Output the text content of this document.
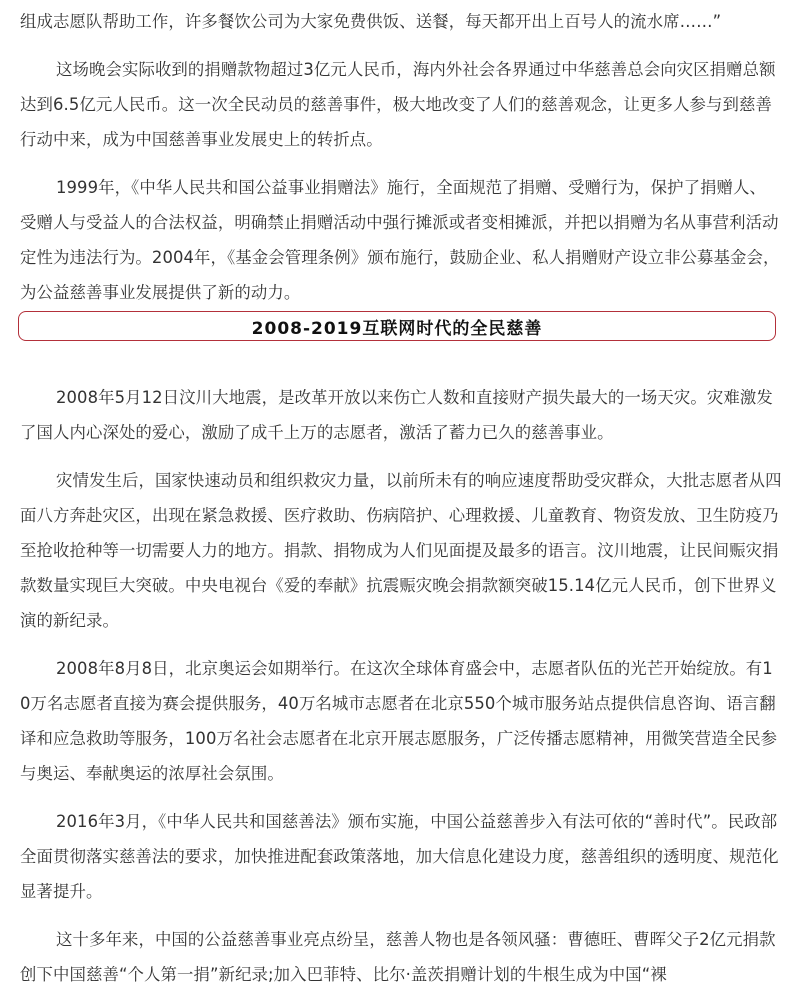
组成志愿队帮助工作，许多餐饮公司为大家免费供饭、送餐，每天都开出上百号人的流水席……”

这场晚会实际收到的捐赠款物超过3亿元人民币，海内外社会各界通过中华慈善总会向灾区捐赠总额达到6.5亿元人民币。这一次全民动员的慈善事件，极大地改变了人们的慈善观念，让更多人参与到慈善行动中来，成为中国慈善事业发展史上的转折点。

1999年，《中华人民共和国公益事业捐赠法》施行，全面规范了捐赠、受赠行为，保护了捐赠人、受赠人与受益人的合法权益，明确禁止捐赠活动中强行摊派或者变相摊派，并把以捐赠为名从事营利活动定性为违法行为。2004年，《基金会管理条例》颁布施行，鼓励企业、私人捐赠财产设立非公募基金会，为公益慈善事业发展提供了新的动力。

2008-2019互联网时代的全民慈善

2008年5月12日汶川大地震，是改革开放以来伤亡人数和直接财产损失最大的一场天灾。灾难激发了国人内心深处的爱心，激励了成千上万的志愿者，激活了蓄力已久的慈善事业。

灾情发生后，国家快速动员和组织救灾力量，以前所未有的响应速度帮助受灾群众，大批志愿者从四面八方奔赴灾区，出现在紧急救援、医疗救助、伤病陪护、心理救援、儿童教育、物资发放、卫生防疫乃至抢收抢种等一切需要人力的地方。捐款、捐物成为人们见面提及最多的语言。汶川地震，让民间赈灾捐款数量实现巨大突破。中央电视台《爱的奉献》抗震赈灾晚会捐款额突破15.14亿元人民币，创下世界义演的新纪录。

2008年8月8日，北京奥运会如期举行。在这次全球体育盛会中，志愿者队伍的光芒开始绽放。有10万名志愿者直接为赛会提供服务，40万名城市志愿者在北京550个城市服务站点提供信息咨询、语言翻译和应急救助等服务，100万名社会志愿者在北京开展志愿服务，广泛传播志愿精神，用微笑营造全民参与奥运、奉献奥运的浓厚社会氛围。

2016年3月，《中华人民共和国慈善法》颁布实施，中国公益慈善步入有法可依的“善时代”。民政部全面贯彻落实慈善法的要求，加快推进配套政策落地，加大信息化建设力度，慈善组织的透明度、规范化显著提升。

这十多年来，中国的公益慈善事业亮点纷呈，慈善人物也是各领风骚：曹德旺、曹晖父子2亿元捐款创下中国慈善“个人第一捐”新纪录;加入巴菲特、比尔·盖茨捐赠计划的牛根生成为中国“裸
